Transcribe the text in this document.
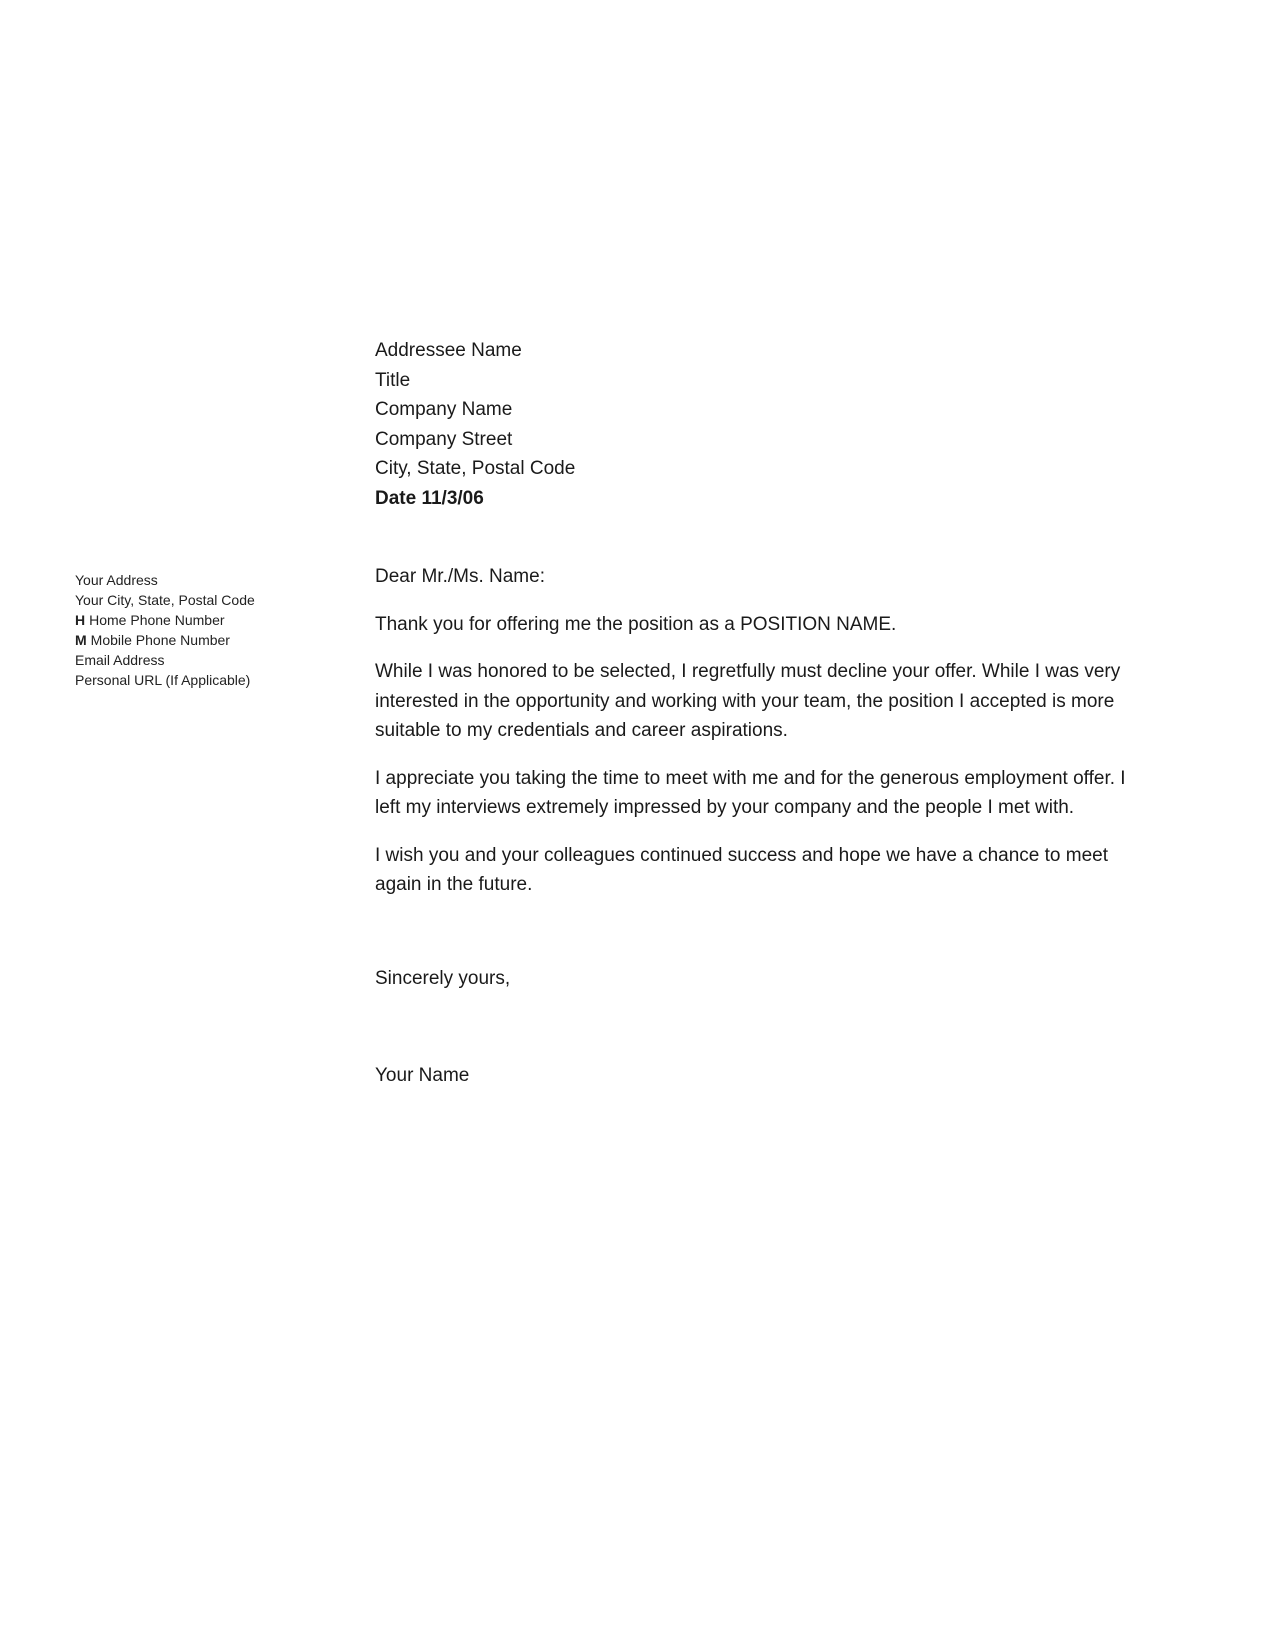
Addressee Name
Title
Company Name
Company Street
City, State, Postal Code
Date 11/3/06
Your Address
Your City, State, Postal Code
H Home Phone Number
M Mobile Phone Number
Email Address
Personal URL (If Applicable)

Dear Mr./Ms. Name:

Thank you for offering me the position as a POSITION NAME.

While I was honored to be selected, I regretfully must decline your offer. While I was very interested in the opportunity and working with your team, the position I accepted is more suitable to my credentials and career aspirations.

I appreciate you taking the time to meet with me and for the generous employment offer. I left my interviews extremely impressed by your company and the people I met with.

I wish you and your colleagues continued success and hope we have a chance to meet again in the future.

Sincerely yours,

Your Name
